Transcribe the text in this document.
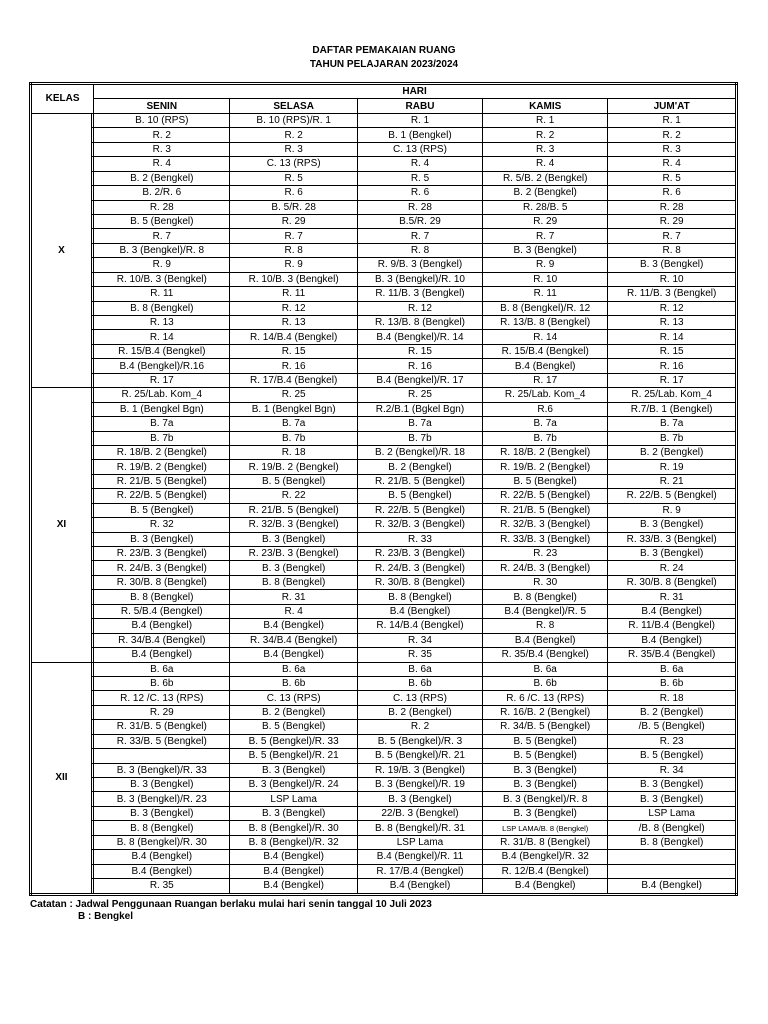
DAFTAR PEMAKAIAN RUANG
TAHUN PELAJARAN 2023/2024
KELAS		HARI				
		SENIN	SELASA	RABU	KAMIS	JUM'AT
X		B. 10 (RPS)	B. 10 (RPS)/R. 1	R. 1	R. 1	R. 1
	R. 2	R. 2	B. 1 (Bengkel)	R. 2	R. 2
	R. 3	R. 3	C. 13 (RPS)	R. 3	R. 3
	R. 4	C. 13 (RPS)	R. 4	R. 4	R. 4
	B. 2 (Bengkel)	R. 5	R. 5	R. 5/B. 2 (Bengkel)	R. 5
	B. 2/R. 6	R. 6	R. 6	B. 2 (Bengkel)	R. 6
	R. 28	B. 5/R. 28	R. 28	R. 28/B. 5	R. 28
	B. 5 (Bengkel)	R. 29	B.5/R. 29	R. 29	R. 29
	R. 7	R. 7	R. 7	R. 7	R. 7
	B. 3 (Bengkel)/R. 8	R. 8	R. 8	B. 3 (Bengkel)	R. 8
	R. 9	R. 9	R. 9/B. 3 (Bengkel)	R. 9	B. 3 (Bengkel)
	R. 10/B. 3 (Bengkel)	R. 10/B. 3 (Bengkel)	B. 3 (Bengkel)/R. 10	R. 10	R. 10
	R. 11	R. 11	R. 11/B. 3 (Bengkel)	R. 11	R. 11/B. 3 (Bengkel)
	B. 8 (Bengkel)	R. 12	R. 12	B. 8 (Bengkel)/R. 12	R. 12
	R. 13	R. 13	R. 13/B. 8 (Bengkel)	R. 13/B. 8 (Bengkel)	R. 13
	R. 14	R. 14/B.4 (Bengkel)	B.4 (Bengkel)/R. 14	R. 14	R. 14
	R. 15/B.4 (Bengkel)	R. 15	R. 15	R. 15/B.4 (Bengkel)	R. 15
	B.4 (Bengkel)/R.16	R. 16	R. 16	B.4 (Bengkel)	R. 16
	R. 17	R. 17/B.4 (Bengkel)	B.4 (Bengkel)/R. 17	R. 17	R. 17
XI		R. 25/Lab. Kom_4	R. 25	R. 25	R. 25/Lab. Kom_4	R. 25/Lab. Kom_4
	B. 1 (Bengkel Bgn)	B. 1 (Bengkel Bgn)	R.2/B.1 (Bgkel Bgn)	R.6	R.7/B. 1 (Bengkel)
	B. 7a	B. 7a	B. 7a	B. 7a	B. 7a
	B. 7b	B. 7b	B. 7b	B. 7b	B. 7b
	R. 18/B. 2 (Bengkel)	R. 18	B. 2 (Bengkel)/R. 18	R. 18/B. 2 (Bengkel)	B. 2 (Bengkel)
	R. 19/B. 2 (Bengkel)	R. 19/B. 2 (Bengkel)	B. 2 (Bengkel)	R. 19/B. 2 (Bengkel)	R. 19
	R. 21/B. 5 (Bengkel)	B. 5 (Bengkel)	R. 21/B. 5 (Bengkel)	B. 5 (Bengkel)	R. 21
	R. 22/B. 5 (Bengkel)	R. 22	B. 5 (Bengkel)	R. 22/B. 5 (Bengkel)	R. 22/B. 5 (Bengkel)
	B. 5 (Bengkel)	R. 21/B. 5 (Bengkel)	R. 22/B. 5 (Bengkel)	R. 21/B. 5 (Bengkel)	R. 9
	R. 32	R. 32/B. 3 (Bengkel)	R. 32/B. 3 (Bengkel)	R. 32/B. 3 (Bengkel)	B. 3 (Bengkel)
	B. 3 (Bengkel)	B. 3 (Bengkel)	R. 33	R. 33/B. 3 (Bengkel)	R. 33/B. 3 (Bengkel)
	R. 23/B. 3 (Bengkel)	R. 23/B. 3 (Bengkel)	R. 23/B. 3 (Bengkel)	R. 23	B. 3 (Bengkel)
	R. 24/B. 3 (Bengkel)	B. 3 (Bengkel)	R. 24/B. 3 (Bengkel)	R. 24/B. 3 (Bengkel)	R. 24
	R. 30/B. 8 (Bengkel)	B. 8 (Bengkel)	R. 30/B. 8 (Bengkel)	R. 30	R. 30/B. 8 (Bengkel)
	B. 8 (Bengkel)	R. 31	B. 8 (Bengkel)	B. 8 (Bengkel)	R. 31
	R. 5/B.4 (Bengkel)	R. 4	B.4 (Bengkel)	B.4 (Bengkel)/R. 5	B.4 (Bengkel)
	B.4 (Bengkel)	B.4 (Bengkel)	R. 14/B.4 (Bengkel)	R. 8	R. 11/B.4 (Bengkel)
	R. 34/B.4 (Bengkel)	R. 34/B.4 (Bengkel)	R. 34	B.4 (Bengkel)	B.4 (Bengkel)
	B.4 (Bengkel)	B.4 (Bengkel)	R. 35	R. 35/B.4 (Bengkel)	R. 35/B.4 (Bengkel)
XII		B. 6a	B. 6a	B. 6a	B. 6a	B. 6a
	B. 6b	B. 6b	B. 6b	B. 6b	B. 6b
	R. 12 /C. 13 (RPS)	C. 13 (RPS)	C. 13 (RPS)	R. 6 /C. 13 (RPS)	R. 18
	R. 29	B. 2 (Bengkel)	B. 2 (Bengkel)	R. 16/B. 2 (Bengkel)	B. 2 (Bengkel)
	R. 31/B. 5 (Bengkel)	B. 5 (Bengkel)	R. 2	R. 34/B. 5 (Bengkel)	/B. 5 (Bengkel)
	R. 33/B. 5 (Bengkel)	B. 5 (Bengkel)/R. 33	B. 5 (Bengkel)/R. 3	B. 5 (Bengkel)	R. 23
		B. 5 (Bengkel)/R. 21	B. 5 (Bengkel)/R. 21	B. 5 (Bengkel)	B. 5 (Bengkel)
	B. 3 (Bengkel)/R. 33	B. 3 (Bengkel)	R. 19/B. 3 (Bengkel)	B. 3 (Bengkel)	R. 34
	B. 3 (Bengkel)	B. 3 (Bengkel)/R. 24	B. 3 (Bengkel)/R. 19	B. 3 (Bengkel)	B. 3 (Bengkel)
	B. 3 (Bengkel)/R. 23	LSP Lama	B. 3 (Bengkel)	B. 3 (Bengkel)/R. 8	B. 3 (Bengkel)
	B. 3 (Bengkel)	B. 3 (Bengkel)	22/B. 3 (Bengkel)	B. 3 (Bengkel)	LSP Lama
	B. 8 (Bengkel)	B. 8 (Bengkel)/R. 30	B. 8 (Bengkel)/R. 31	LSP LAMA/B. 8 (Bengkel)	/B. 8 (Bengkel)
	B. 8 (Bengkel)/R. 30	B. 8 (Bengkel)/R. 32	LSP Lama	R. 31/B. 8 (Bengkel)	B. 8 (Bengkel)
	B.4 (Bengkel)	B.4 (Bengkel)	B.4 (Bengkel)/R. 11	B.4 (Bengkel)/R. 32	
	B.4 (Bengkel)	B.4 (Bengkel)	R. 17/B.4 (Bengkel)	R. 12/B.4 (Bengkel)	
	R. 35	B.4 (Bengkel)	B.4 (Bengkel)	B.4 (Bengkel)	B.4 (Bengkel)
Catatan : Jadwal Penggunaan Ruangan berlaku mulai hari senin tanggal 10 Juli 2023
B : Bengkel
